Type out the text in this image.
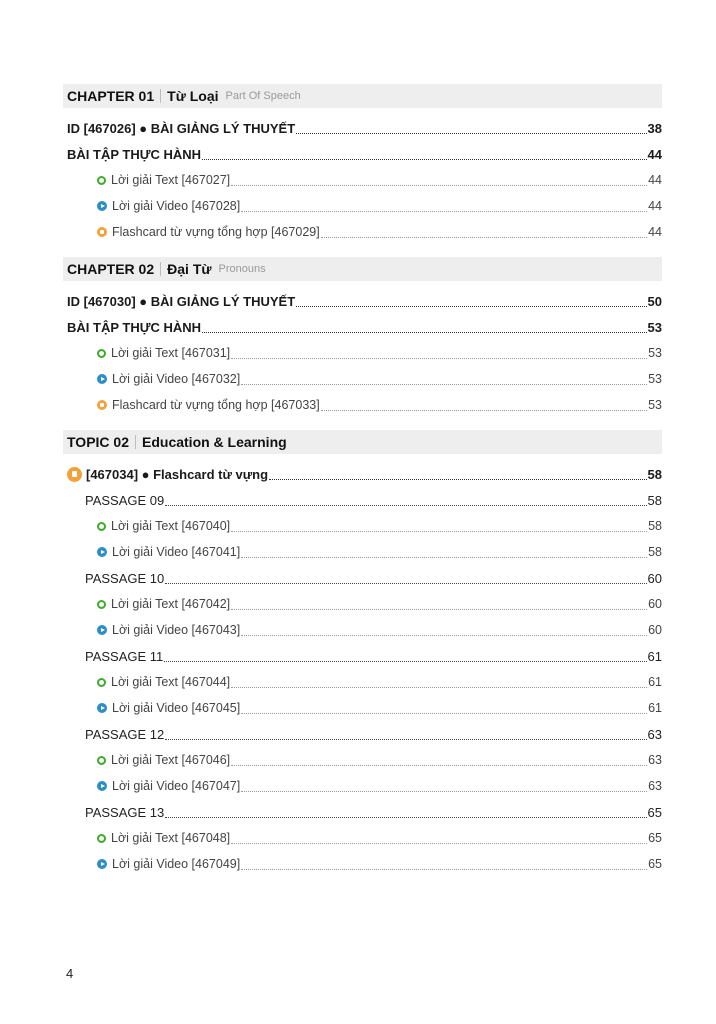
CHAPTER 01 Từ Loại Part Of Speech
ID [467026] ● BÀI GIẢNG LÝ THUYẾT	38
BÀI TẬP THỰC HÀNH	44
Lời giải Text [467027]	44
Lời giải Video [467028]	44
Flashcard từ vựng tổng hợp [467029]	44
CHAPTER 02 Đại Từ Pronouns
ID [467030] ● BÀI GIẢNG LÝ THUYẾT	50
BÀI TẬP THỰC HÀNH	53
Lời giải Text [467031]	53
Lời giải Video [467032]	53
Flashcard từ vựng tổng hợp [467033]	53
TOPIC 02 Education & Learning
[467034] ● Flashcard từ vựng	58
PASSAGE 09	58
Lời giải Text [467040]	58
Lời giải Video [467041]	58
PASSAGE 10	60
Lời giải Text [467042]	60
Lời giải Video [467043]	60
PASSAGE 11	61
Lời giải Text [467044]	61
Lời giải Video [467045]	61
PASSAGE 12	63
Lời giải Text [467046]	63
Lời giải Video [467047]	63
PASSAGE 13	65
Lời giải Text [467048]	65
Lời giải Video [467049]	65
4
